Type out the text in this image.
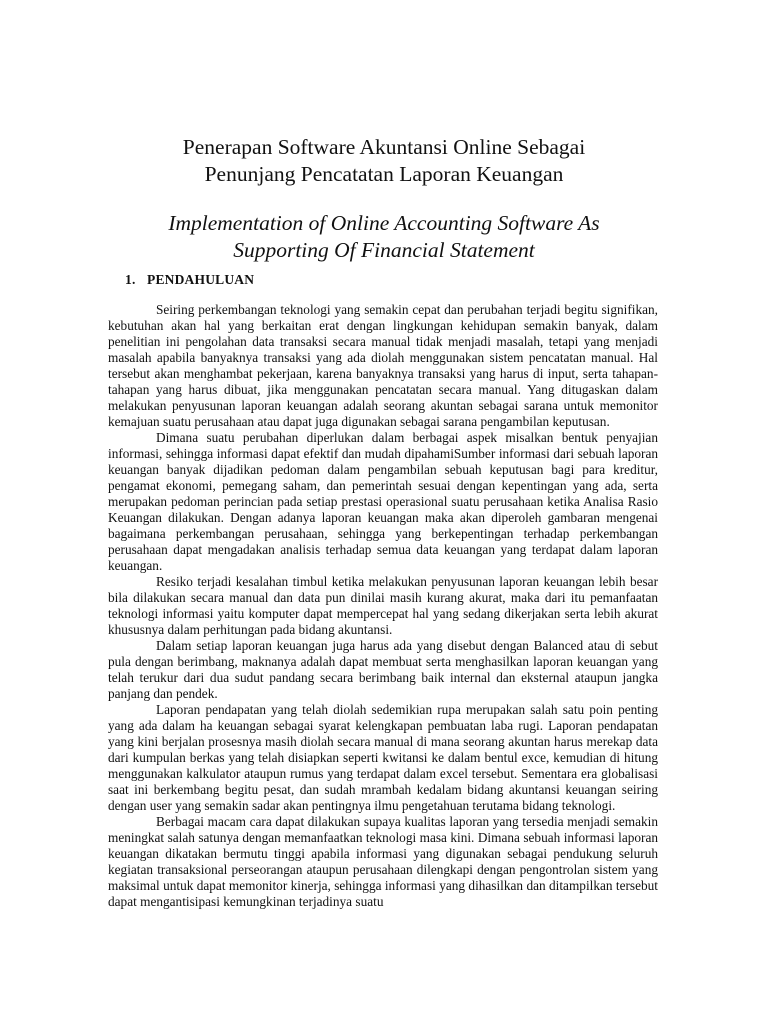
Penerapan Software Akuntansi Online Sebagai
Penunjang Pencatatan Laporan Keuangan
Implementation of Online Accounting Software As
Supporting Of Financial Statement
1. PENDAHULUAN

Seiring perkembangan teknologi yang semakin cepat dan perubahan terjadi begitu signifikan, kebutuhan akan hal yang berkaitan erat dengan lingkungan kehidupan semakin banyak, dalam penelitian ini pengolahan data transaksi secara manual tidak menjadi masalah, tetapi yang menjadi masalah apabila banyaknya transaksi yang ada diolah menggunakan sistem pencatatan manual. Hal tersebut akan menghambat pekerjaan, karena banyaknya transaksi yang harus di input, serta tahapan-tahapan yang harus dibuat, jika menggunakan pencatatan secara manual. Yang ditugaskan dalam melakukan penyusunan laporan keuangan adalah seorang akuntan sebagai sarana untuk memonitor kemajuan suatu perusahaan atau dapat juga digunakan sebagai sarana pengambilan keputusan.

Dimana suatu perubahan diperlukan dalam berbagai aspek misalkan bentuk penyajian informasi, sehingga informasi dapat efektif dan mudah dipahamiSumber informasi dari sebuah laporan keuangan banyak dijadikan pedoman dalam pengambilan sebuah keputusan bagi para kreditur, pengamat ekonomi, pemegang saham, dan pemerintah sesuai dengan kepentingan yang ada, serta merupakan pedoman perincian pada setiap prestasi operasional suatu perusahaan ketika Analisa Rasio Keuangan dilakukan. Dengan adanya laporan keuangan maka akan diperoleh gambaran mengenai bagaimana perkembangan perusahaan, sehingga yang berkepentingan terhadap perkembangan perusahaan dapat mengadakan analisis terhadap semua data keuangan yang terdapat dalam laporan keuangan.

Resiko terjadi kesalahan timbul ketika melakukan penyusunan laporan keuangan lebih besar bila dilakukan secara manual dan data pun dinilai masih kurang akurat, maka dari itu pemanfaatan teknologi informasi yaitu komputer dapat mempercepat hal yang sedang dikerjakan serta lebih akurat khususnya dalam perhitungan pada bidang akuntansi.

Dalam setiap laporan keuangan juga harus ada yang disebut dengan Balanced atau di sebut pula dengan berimbang, maknanya adalah dapat membuat serta menghasilkan laporan keuangan yang telah terukur dari dua sudut pandang secara berimbang baik internal dan eksternal ataupun jangka panjang dan pendek.

Laporan pendapatan yang telah diolah sedemikian rupa merupakan salah satu poin penting yang ada dalam ha keuangan sebagai syarat kelengkapan pembuatan laba rugi. Laporan pendapatan yang kini berjalan prosesnya masih diolah secara manual di mana seorang akuntan harus merekap data dari kumpulan berkas yang telah disiapkan seperti kwitansi ke dalam bentul exce, kemudian di hitung menggunakan kalkulator ataupun rumus yang terdapat dalam excel tersebut. Sementara era globalisasi saat ini berkembang begitu pesat, dan sudah mrambah kedalam bidang akuntansi keuangan seiring dengan user yang semakin sadar akan pentingnya ilmu pengetahuan terutama bidang teknologi.

Berbagai macam cara dapat dilakukan supaya kualitas laporan yang tersedia menjadi semakin meningkat salah satunya dengan memanfaatkan teknologi masa kini. Dimana sebuah informasi laporan keuangan dikatakan bermutu tinggi apabila informasi yang digunakan sebagai pendukung seluruh kegiatan transaksional perseorangan ataupun perusahaan dilengkapi dengan pengontrolan sistem yang maksimal untuk dapat memonitor kinerja, sehingga informasi yang dihasilkan dan ditampilkan tersebut dapat mengantisipasi kemungkinan terjadinya suatu
